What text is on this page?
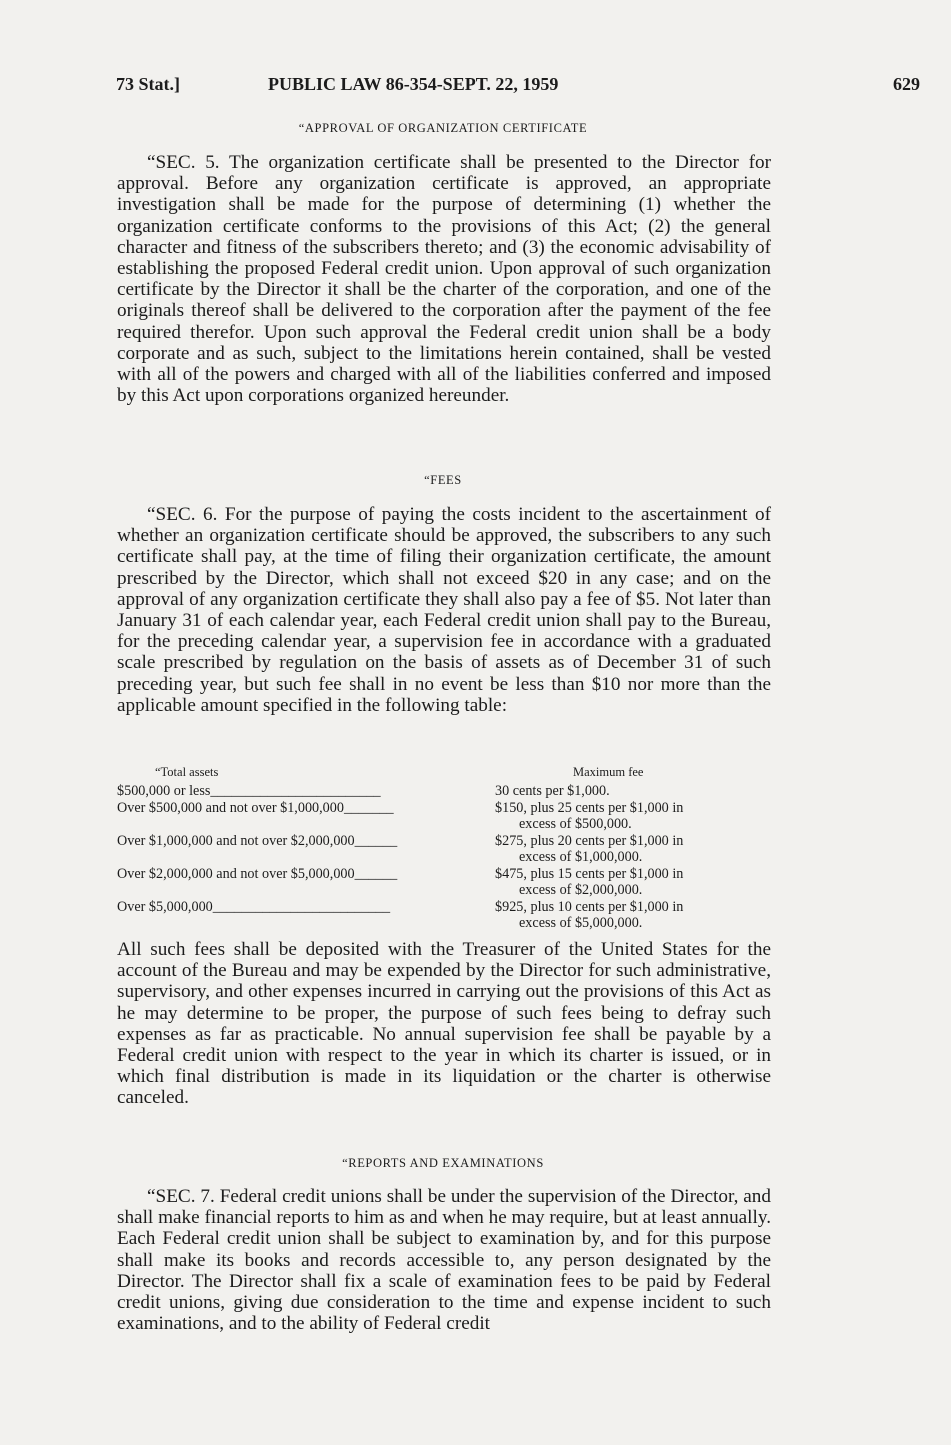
73 Stat.]	PUBLIC LAW 86-354-SEPT. 22, 1959	629
“APPROVAL OF ORGANIZATION CERTIFICATE

“SEC. 5. The organization certificate shall be presented to the Director for approval. Before any organization certificate is approved, an appropriate investigation shall be made for the purpose of determining (1) whether the organization certificate conforms to the provisions of this Act; (2) the general character and fitness of the subscribers thereto; and (3) the economic advisability of establishing the proposed Federal credit union. Upon approval of such organization certificate by the Director it shall be the charter of the corporation, and one of the originals thereof shall be delivered to the corporation after the payment of the fee required therefor. Upon such approval the Federal credit union shall be a body corporate and as such, subject to the limitations herein contained, shall be vested with all of the powers and charged with all of the liabilities conferred and imposed by this Act upon corporations organized hereunder.

“FEES

“SEC. 6. For the purpose of paying the costs incident to the ascertainment of whether an organization certificate should be approved, the subscribers to any such certificate shall pay, at the time of filing their organization certificate, the amount prescribed by the Director, which shall not exceed $20 in any case; and on the approval of any organization certificate they shall also pay a fee of $5. Not later than January 31 of each calendar year, each Federal credit union shall pay to the Bureau, for the preceding calendar year, a supervision fee in accordance with a graduated scale prescribed by regulation on the basis of assets as of December 31 of such preceding year, but such fee shall in no event be less than $10 nor more than the applicable amount specified in the following table:

“Total assets	Maximum fee
$500,000 or less________________________	30 cents per $1,000.
Over $500,000 and not over $1,000,000_______	$150, plus 25 cents per $1,000 in
excess of $500,000.

Over $1,000,000 and not over $2,000,000______	$275, plus 20 cents per $1,000 in
excess of $1,000,000.

Over $2,000,000 and not over $5,000,000______	$475, plus 15 cents per $1,000 in
excess of $2,000,000.

Over $5,000,000_________________________	$925, plus 10 cents per $1,000 in
excess of $5,000,000.

All such fees shall be deposited with the Treasurer of the United States for the account of the Bureau and may be expended by the Director for such administrative, supervisory, and other expenses incurred in carrying out the provisions of this Act as he may determine to be proper, the purpose of such fees being to defray such expenses as far as practicable. No annual supervision fee shall be payable by a Federal credit union with respect to the year in which its charter is issued, or in which final distribution is made in its liquidation or the charter is otherwise canceled.

“REPORTS AND EXAMINATIONS

“SEC. 7. Federal credit unions shall be under the supervision of the Director, and shall make financial reports to him as and when he may require, but at least annually. Each Federal credit union shall be subject to examination by, and for this purpose shall make its books and records accessible to, any person designated by the Director. The Director shall fix a scale of examination fees to be paid by Federal credit unions, giving due consideration to the time and expense incident to such examinations, and to the ability of Federal credit
